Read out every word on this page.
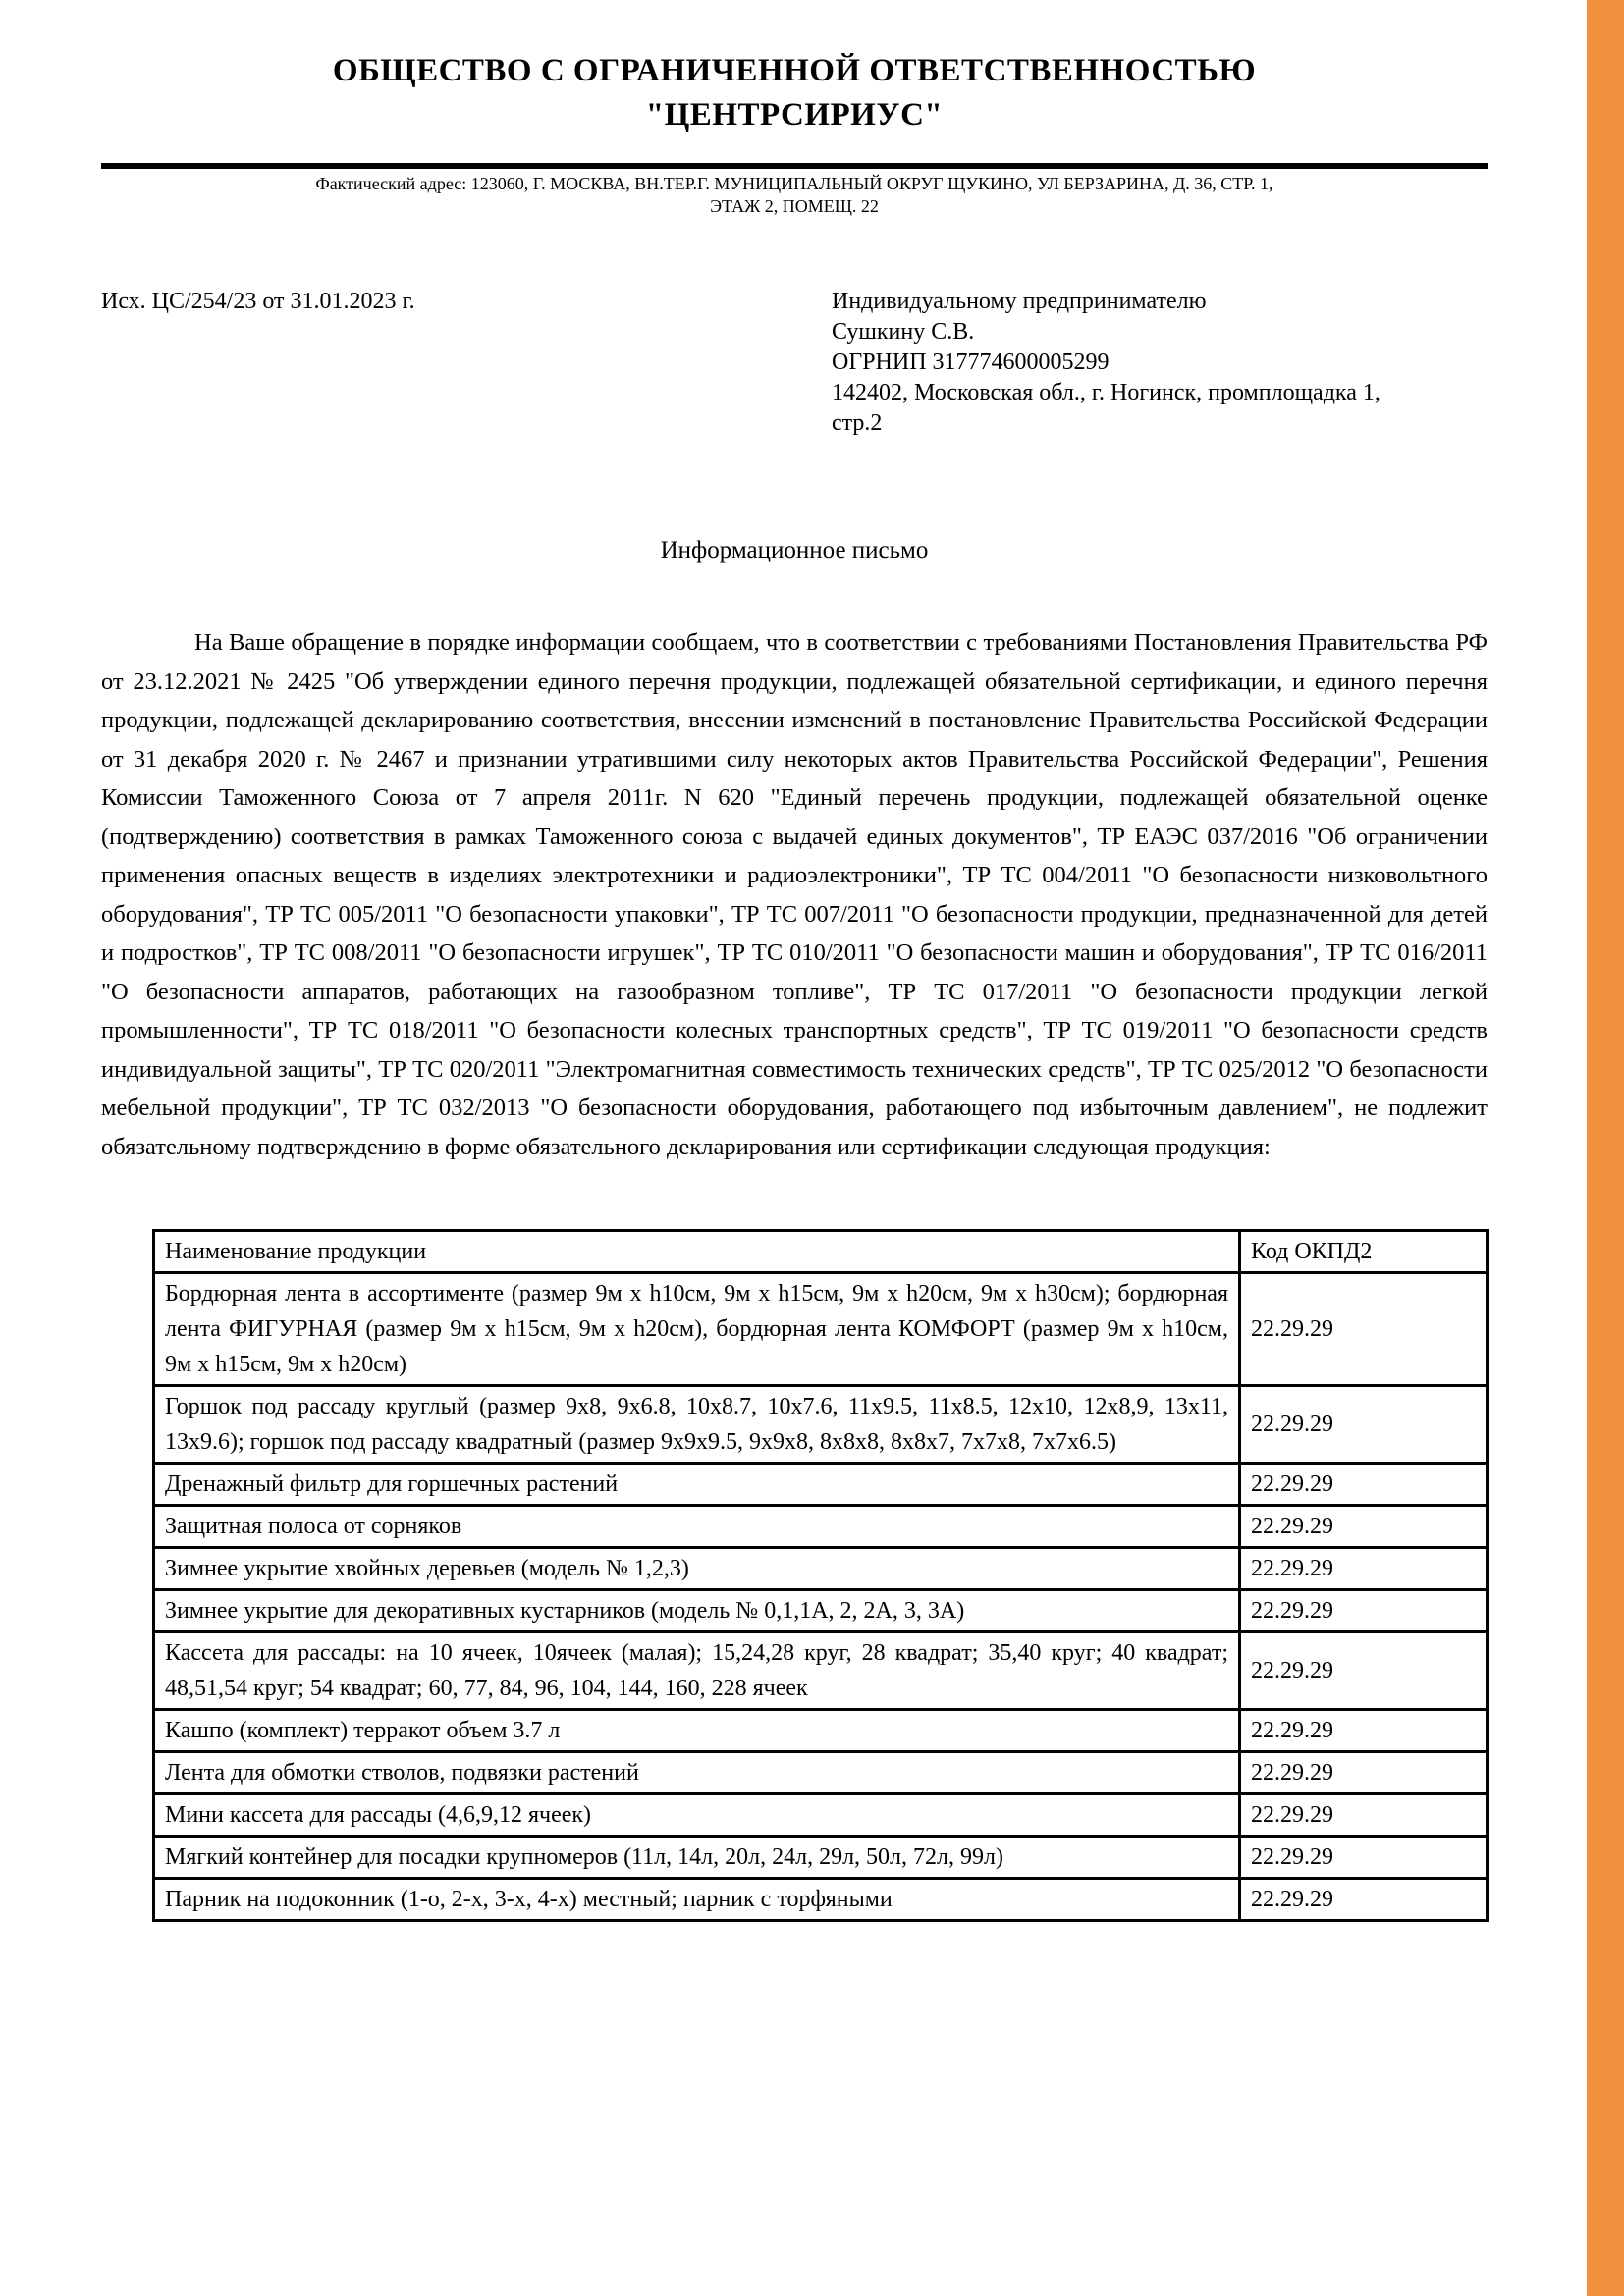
ОБЩЕСТВО С ОГРАНИЧЕННОЙ ОТВЕТСТВЕННОСТЬЮ
"ЦЕНТРСИРИУС"
Фактический адрес: 123060, Г. МОСКВА, ВН.ТЕР.Г. МУНИЦИПАЛЬНЫЙ ОКРУГ ЩУКИНО, УЛ БЕРЗАРИНА, Д. 36, СТР. 1,
ЭТАЖ 2, ПОМЕЩ. 22
Исх. ЦС/254/23 от 31.01.2023 г.	Индивидуальному предпринимателю
Сушкину С.В.
ОГРНИП 317774600005299
142402, Московская обл., г. Ногинск, промплощадка 1,
стр.2
Информационное письмо
На Ваше обращение в порядке информации сообщаем, что в соответствии с требованиями Постановления Правительства РФ от 23.12.2021 № 2425 "Об утверждении единого перечня продукции, подлежащей обязательной сертификации, и единого перечня продукции, подлежащей декларированию соответствия, внесении изменений в постановление Правительства Российской Федерации от 31 декабря 2020 г. № 2467 и признании утратившими силу некоторых актов Правительства Российской Федерации", Решения Комиссии Таможенного Союза от 7 апреля 2011г. N 620 "Единый перечень продукции, подлежащей обязательной оценке (подтверждению) соответствия в рамках Таможенного союза с выдачей единых документов", ТР ЕАЭС 037/2016 "Об ограничении применения опасных веществ в изделиях электротехники и радиоэлектроники", ТР ТС 004/2011 "О безопасности низковольтного оборудования", ТР ТС 005/2011 "О безопасности упаковки", ТР ТС 007/2011 "О безопасности продукции, предназначенной для детей и подростков", ТР ТС 008/2011 "О безопасности игрушек", ТР ТС 010/2011 "О безопасности машин и оборудования", ТР ТС 016/2011 "О безопасности аппаратов, работающих на газообразном топливе", ТР ТС 017/2011 "О безопасности продукции легкой промышленности", ТР ТС 018/2011 "О безопасности колесных транспортных средств", ТР ТС 019/2011 "О безопасности средств индивидуальной защиты", ТР ТС 020/2011 "Электромагнитная совместимость технических средств", ТР ТС 025/2012 "О безопасности мебельной продукции", ТР ТС 032/2013 "О безопасности оборудования, работающего под избыточным давлением", не подлежит обязательному подтверждению в форме обязательного декларирования или сертификации следующая продукция:
Наименование продукции	Код ОКПД2
Бордюрная лента в ассортименте (размер 9м х h10см, 9м х h15см, 9м х h20см, 9м х h30см); бордюрная лента ФИГУРНАЯ (размер 9м х h15см, 9м х h20см), бордюрная лента КОМФОРТ (размер 9м х h10см, 9м х h15см, 9м х h20см)	22.29.29
Горшок под рассаду круглый (размер 9х8, 9х6.8, 10х8.7, 10х7.6, 11х9.5, 11х8.5, 12х10, 12х8,9, 13х11, 13х9.6); горшок под рассаду квадратный (размер 9х9х9.5, 9х9х8, 8х8х8, 8х8х7, 7х7х8, 7х7х6.5)	22.29.29
Дренажный фильтр для горшечных растений	22.29.29
Защитная полоса от сорняков	22.29.29
Зимнее укрытие хвойных деревьев (модель № 1,2,3)	22.29.29
Зимнее укрытие для декоративных кустарников (модель № 0,1,1А, 2, 2А, 3, 3А)	22.29.29
Кассета для рассады: на 10 ячеек, 10ячеек (малая); 15,24,28 круг, 28 квадрат; 35,40 круг; 40 квадрат; 48,51,54 круг; 54 квадрат; 60, 77, 84, 96, 104, 144, 160, 228 ячеек	22.29.29
Кашпо (комплект) терракот объем 3.7 л	22.29.29
Лента для обмотки стволов, подвязки растений	22.29.29
Мини кассета для рассады (4,6,9,12 ячеек)	22.29.29
Мягкий контейнер для посадки крупномеров (11л, 14л, 20л, 24л, 29л, 50л, 72л, 99л)	22.29.29
Парник на подоконник (1-о, 2-х, 3-х, 4-х) местный; парник с торфяными	22.29.29
